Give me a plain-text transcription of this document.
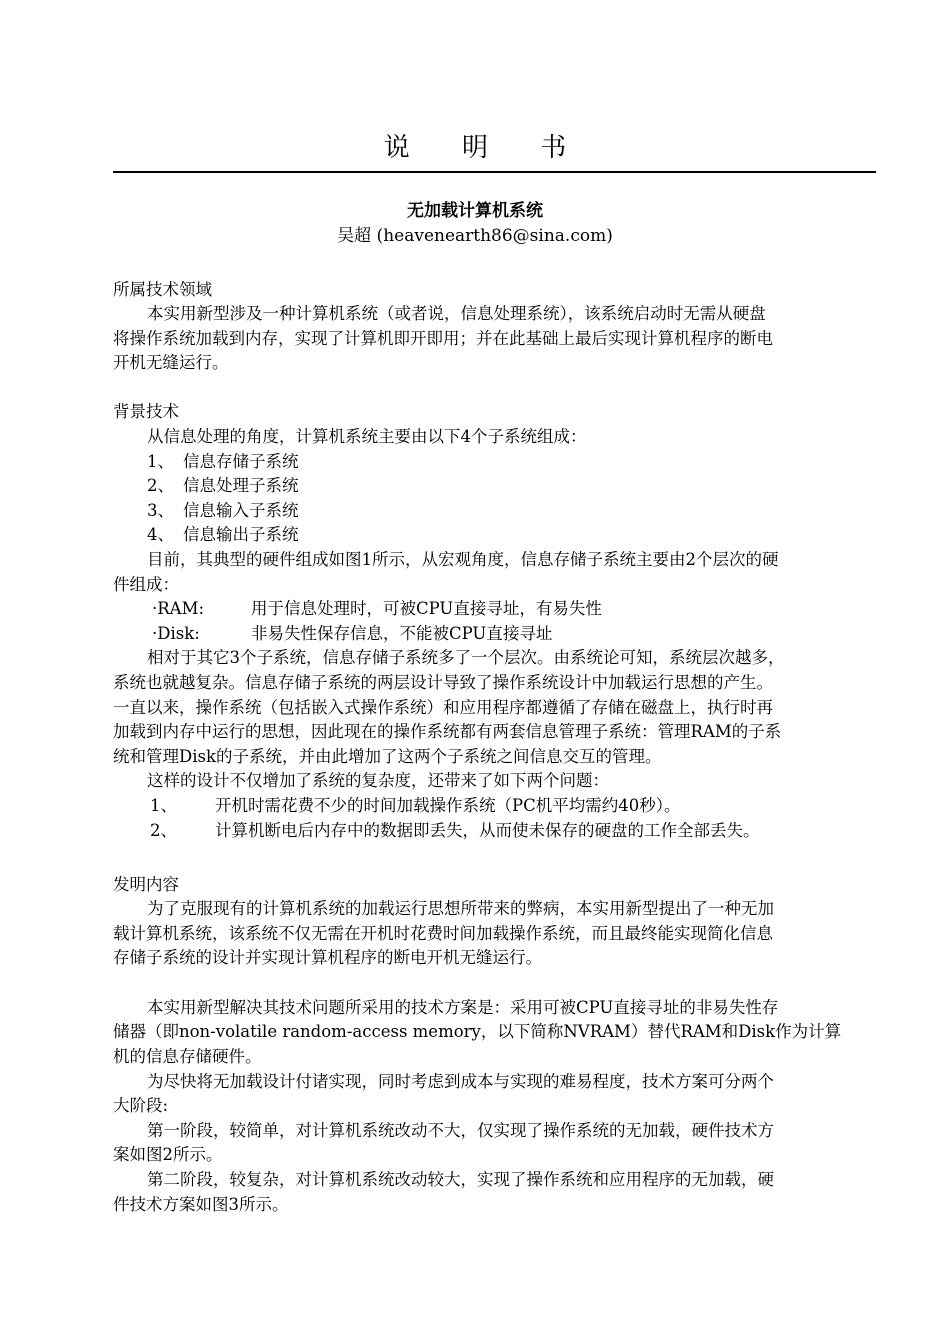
说 明 书
无加载计算机系统
吴超 (heavenearth86@sina.com)
所属技术领域
本实用新型涉及一种计算机系统（或者说，信息处理系统），该系统启动时无需从硬盘
将操作系统加载到内存，实现了计算机即开即用；并在此基础上最后实现计算机程序的断电
开机无缝运行。
背景技术
从信息处理的角度，计算机系统主要由以下4个子系统组成：
1、 信息存储子系统
2、 信息处理子系统
3、 信息输入子系统
4、 信息输出子系统
目前，其典型的硬件组成如图1所示，从宏观角度，信息存储子系统主要由2个层次的硬
件组成：
·RAM:	用于信息处理时，可被CPU直接寻址，有易失性
·Disk:	非易失性保存信息，不能被CPU直接寻址
相对于其它3个子系统，信息存储子系统多了一个层次。由系统论可知，系统层次越多，
系统也就越复杂。信息存储子系统的两层设计导致了操作系统设计中加载运行思想的产生。
一直以来，操作系统（包括嵌入式操作系统）和应用程序都遵循了存储在磁盘上，执行时再
加载到内存中运行的思想，因此现在的操作系统都有两套信息管理子系统：管理RAM的子系
统和管理Disk的子系统，并由此增加了这两个子系统之间信息交互的管理。
这样的设计不仅增加了系统的复杂度，还带来了如下两个问题：
1、 开机时需花费不少的时间加载操作系统（PC机平均需约40秒）。
2、 计算机断电后内存中的数据即丢失，从而使未保存的硬盘的工作全部丢失。
发明内容
为了克服现有的计算机系统的加载运行思想所带来的弊病，本实用新型提出了一种无加
载计算机系统，该系统不仅无需在开机时花费时间加载操作系统，而且最终能实现简化信息
存储子系统的设计并实现计算机程序的断电开机无缝运行。
本实用新型解决其技术问题所采用的技术方案是：采用可被CPU直接寻址的非易失性存
储器（即non-volatile random-access memory，以下简称NVRAM）替代RAM和Disk作为计算
机的信息存储硬件。
为尽快将无加载设计付诸实现，同时考虑到成本与实现的难易程度，技术方案可分两个
大阶段:
第一阶段，较简单，对计算机系统改动不大，仅实现了操作系统的无加载，硬件技术方
案如图2所示。
第二阶段，较复杂，对计算机系统改动较大，实现了操作系统和应用程序的无加载，硬
件技术方案如图3所示。
